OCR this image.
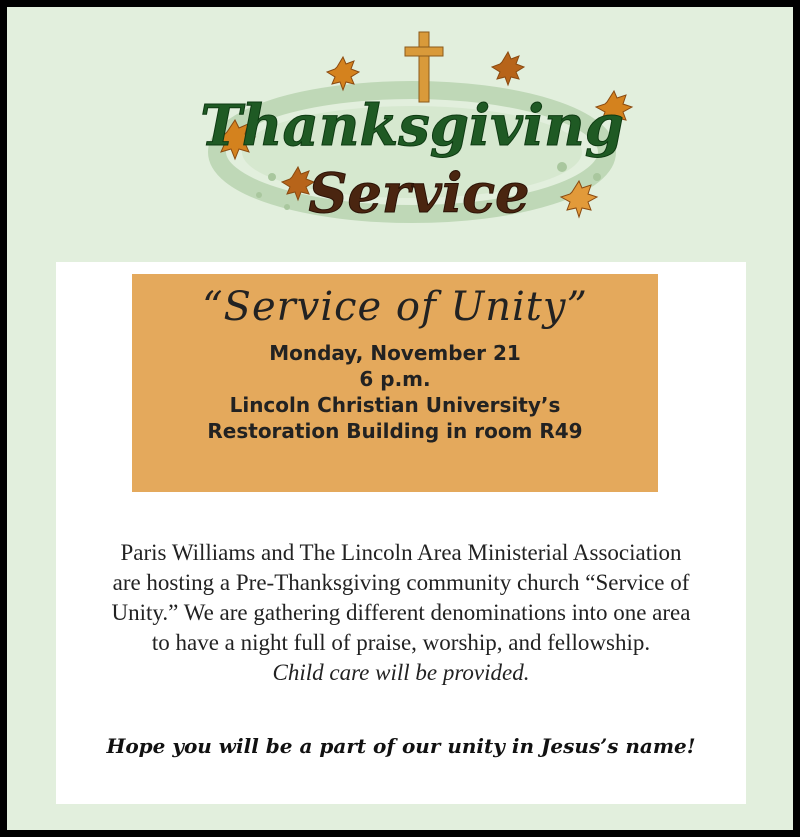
Thanksgiving
Service
“Service of Unity”
Monday, November 21
6 p.m.
Lincoln Christian University’s
Restoration Building in room R49

Paris Williams and The Lincoln Area Ministerial Association

are hosting a Pre-Thanksgiving community church “Service of

Unity.” We are gathering different denominations into one area

to have a night full of praise, worship, and fellowship.

Child care will be provided.

Hope you will be a part of our unity in Jesus’s name!
